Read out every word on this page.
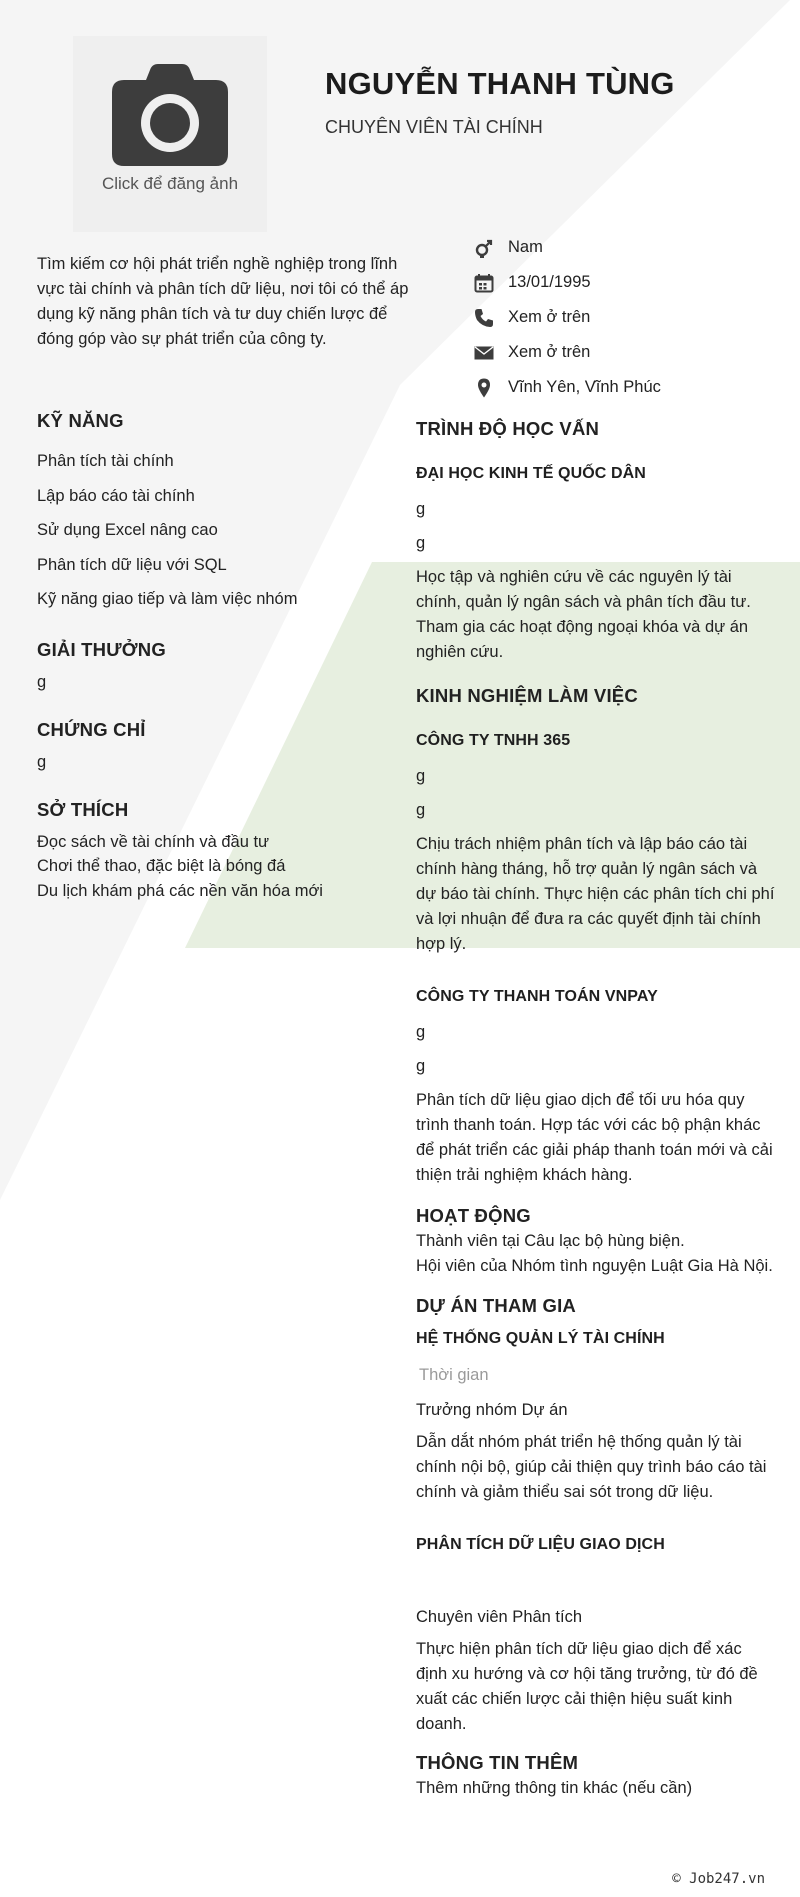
Click để đăng ảnh
NGUYỄN THANH TÙNG
CHUYÊN VIÊN TÀI CHÍNH
Tìm kiếm cơ hội phát triển nghề nghiệp trong lĩnh vực tài chính và phân tích dữ liệu, nơi tôi có thể áp dụng kỹ năng phân tích và tư duy chiến lược để đóng góp vào sự phát triển của công ty.
Nam
13/01/1995
Xem ở trên
Xem ở trên
Vĩnh Yên, Vĩnh Phúc
KỸ NĂNG
Phân tích tài chính
Lập báo cáo tài chính
Sử dụng Excel nâng cao
Phân tích dữ liệu với SQL
Kỹ năng giao tiếp và làm việc nhóm
GIẢI THƯỞNG
g
CHỨNG CHỈ
g
SỞ THÍCH
Đọc sách về tài chính và đầu tư
Chơi thể thao, đặc biệt là bóng đá
Du lịch khám phá các nền văn hóa mới
TRÌNH ĐỘ HỌC VẤN
ĐẠI HỌC KINH TẾ QUỐC DÂN
g
g
Học tập và nghiên cứu về các nguyên lý tài chính, quản lý ngân sách và phân tích đầu tư. Tham gia các hoạt động ngoại khóa và dự án nghiên cứu.
KINH NGHIỆM LÀM VIỆC
CÔNG TY TNHH 365
g
g
Chịu trách nhiệm phân tích và lập báo cáo tài chính hàng tháng, hỗ trợ quản lý ngân sách và dự báo tài chính. Thực hiện các phân tích chi phí và lợi nhuận để đưa ra các quyết định tài chính hợp lý.
CÔNG TY THANH TOÁN VNPAY
g
g
Phân tích dữ liệu giao dịch để tối ưu hóa quy trình thanh toán. Hợp tác với các bộ phận khác để phát triển các giải pháp thanh toán mới và cải thiện trải nghiệm khách hàng.
HOẠT ĐỘNG
Thành viên tại Câu lạc bộ hùng biện.
Hội viên của Nhóm tình nguyện Luật Gia Hà Nội.
DỰ ÁN THAM GIA
HỆ THỐNG QUẢN LÝ TÀI CHÍNH
Thời gian
Trưởng nhóm Dự án
Dẫn dắt nhóm phát triển hệ thống quản lý tài chính nội bộ, giúp cải thiện quy trình báo cáo tài chính và giảm thiểu sai sót trong dữ liệu.
PHÂN TÍCH DỮ LIỆU GIAO DỊCH
Chuyên viên Phân tích
Thực hiện phân tích dữ liệu giao dịch để xác định xu hướng và cơ hội tăng trưởng, từ đó đề xuất các chiến lược cải thiện hiệu suất kinh doanh.
THÔNG TIN THÊM
Thêm những thông tin khác (nếu cần)
© Job247.vn
